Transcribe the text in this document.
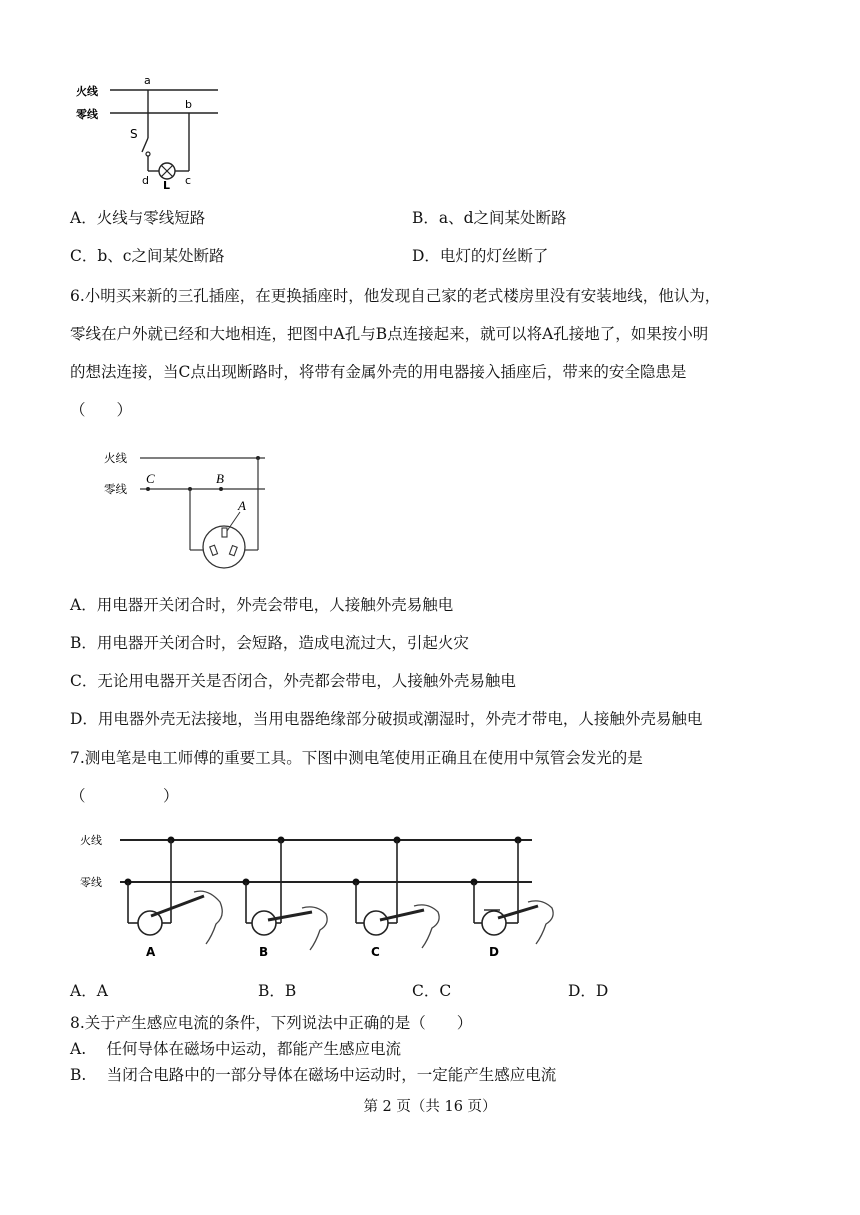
火线
零线
a
b
S
d L c
A．火线与零线短路	B．a、d之间某处断路
C．b、c之间某处断路	D．电灯的灯丝断了
6.小明买来新的三孔插座，在更换插座时，他发现自己家的老式楼房里没有安装地线，他认为，
零线在户外就已经和大地相连，把图中A孔与B点连接起来，就可以将A孔接地了，如果按小明
的想法连接，当C点出现断路时，将带有金属外壳的用电器接入插座后，带来的安全隐患是
（　　）
火线
零线
C	B
A
A．用电器开关闭合时，外壳会带电，人接触外壳易触电
B．用电器开关闭合时，会短路，造成电流过大，引起火灾
C．无论用电器开关是否闭合，外壳都会带电，人接触外壳易触电
D．用电器外壳无法接地，当用电器绝缘部分破损或潮湿时，外壳才带电，人接触外壳易触电
7.测电笔是电工师傅的重要工具。下图中测电笔使用正确且在使用中氖管会发光的是
（　　　　　）
火线
零线
A	B	C	D
A．A	B．B	C．C	D．D
8.关于产生感应电流的条件，下列说法中正确的是（　　）
A.　 任何导体在磁场中运动，都能产生感应电流
B.　 当闭合电路中的一部分导体在磁场中运动时，一定能产生感应电流
第 2 页（共 16 页）
